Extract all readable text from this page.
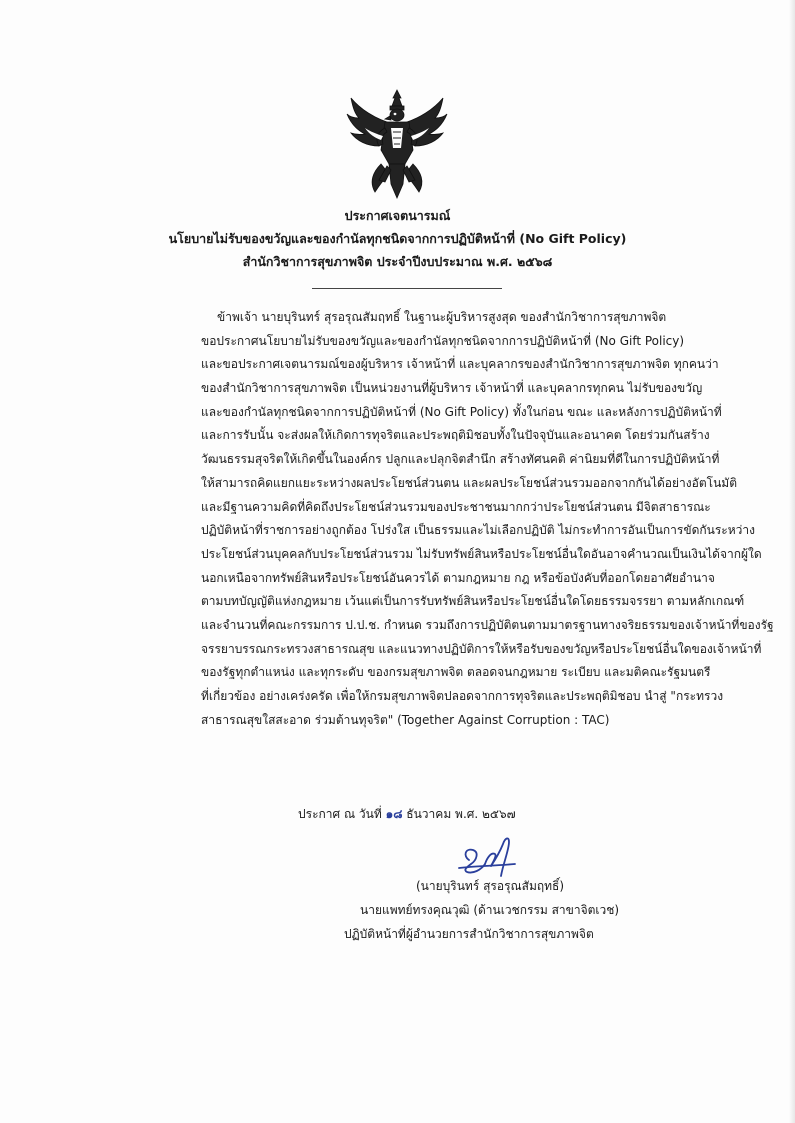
ประกาศเจตนารมณ์
นโยบายไม่รับของขวัญและของกำนัลทุกชนิดจากการปฏิบัติหน้าที่ (No Gift Policy)
สำนักวิชาการสุขภาพจิต ประจำปีงบประมาณ พ.ศ. ๒๕๖๘
ข้าพเจ้า นายบุรินทร์ สุรอรุณสัมฤทธิ์ ในฐานะผู้บริหารสูงสุด ของสำนักวิชาการสุขภาพจิต
ขอประกาศนโยบายไม่รับของขวัญและของกำนัลทุกชนิดจากการปฏิบัติหน้าที่ (No Gift Policy)
และขอประกาศเจตนารมณ์ของผู้บริหาร เจ้าหน้าที่ และบุคลากรของสำนักวิชาการสุขภาพจิต ทุกคนว่า
ของสำนักวิชาการสุขภาพจิต เป็นหน่วยงานที่ผู้บริหาร เจ้าหน้าที่ และบุคลากรทุกคน ไม่รับของขวัญ
และของกำนัลทุกชนิดจากการปฏิบัติหน้าที่ (No Gift Policy) ทั้งในก่อน ขณะ และหลังการปฏิบัติหน้าที่
และการรับนั้น จะส่งผลให้เกิดการทุจริตและประพฤติมิชอบทั้งในปัจจุบันและอนาคต โดยร่วมกันสร้าง
วัฒนธรรมสุจริตให้เกิดขึ้นในองค์กร ปลูกและปลุกจิตสำนึก สร้างทัศนคติ ค่านิยมที่ดีในการปฏิบัติหน้าที่
ให้สามารถคิดแยกแยะระหว่างผลประโยชน์ส่วนตน และผลประโยชน์ส่วนรวมออกจากกันได้อย่างอัตโนมัติ
และมีฐานความคิดที่คิดถึงประโยชน์ส่วนรวมของประชาชนมากกว่าประโยชน์ส่วนตน มีจิตสาธารณะ
ปฏิบัติหน้าที่ราชการอย่างถูกต้อง โปร่งใส เป็นธรรมและไม่เลือกปฏิบัติ ไม่กระทำการอันเป็นการขัดกันระหว่าง
ประโยชน์ส่วนบุคคลกับประโยชน์ส่วนรวม ไม่รับทรัพย์สินหรือประโยชน์อื่นใดอันอาจคำนวณเป็นเงินได้จากผู้ใด
นอกเหนือจากทรัพย์สินหรือประโยชน์อันควรได้ ตามกฎหมาย กฎ หรือข้อบังคับที่ออกโดยอาศัยอำนาจ
ตามบทบัญญัติแห่งกฎหมาย เว้นแต่เป็นการรับทรัพย์สินหรือประโยชน์อื่นใดโดยธรรมจรรยา ตามหลักเกณฑ์
และจำนวนที่คณะกรรมการ ป.ป.ช. กำหนด รวมถึงการปฏิบัติตนตามมาตรฐานทางจริยธรรมของเจ้าหน้าที่ของรัฐ
จรรยาบรรณกระทรวงสาธารณสุข และแนวทางปฏิบัติการให้หรือรับของขวัญหรือประโยชน์อื่นใดของเจ้าหน้าที่
ของรัฐทุกตำแหน่ง และทุกระดับ ของกรมสุขภาพจิต ตลอดจนกฎหมาย ระเบียบ และมติคณะรัฐมนตรี
ที่เกี่ยวข้อง อย่างเคร่งครัด เพื่อให้กรมสุขภาพจิตปลอดจากการทุจริตและประพฤติมิชอบ นำสู่ "กระทรวง
สาธารณสุขใสสะอาด ร่วมต้านทุจริต" (Together Against Corruption : TAC)
ประกาศ ณ วันที่ ๑๘ ธันวาคม พ.ศ. ๒๕๖๗
(นายบุรินทร์ สุรอรุณสัมฤทธิ์)
นายแพทย์ทรงคุณวุฒิ (ด้านเวชกรรม สาขาจิตเวช)
ปฏิบัติหน้าที่ผู้อำนวยการสำนักวิชาการสุขภาพจิต
